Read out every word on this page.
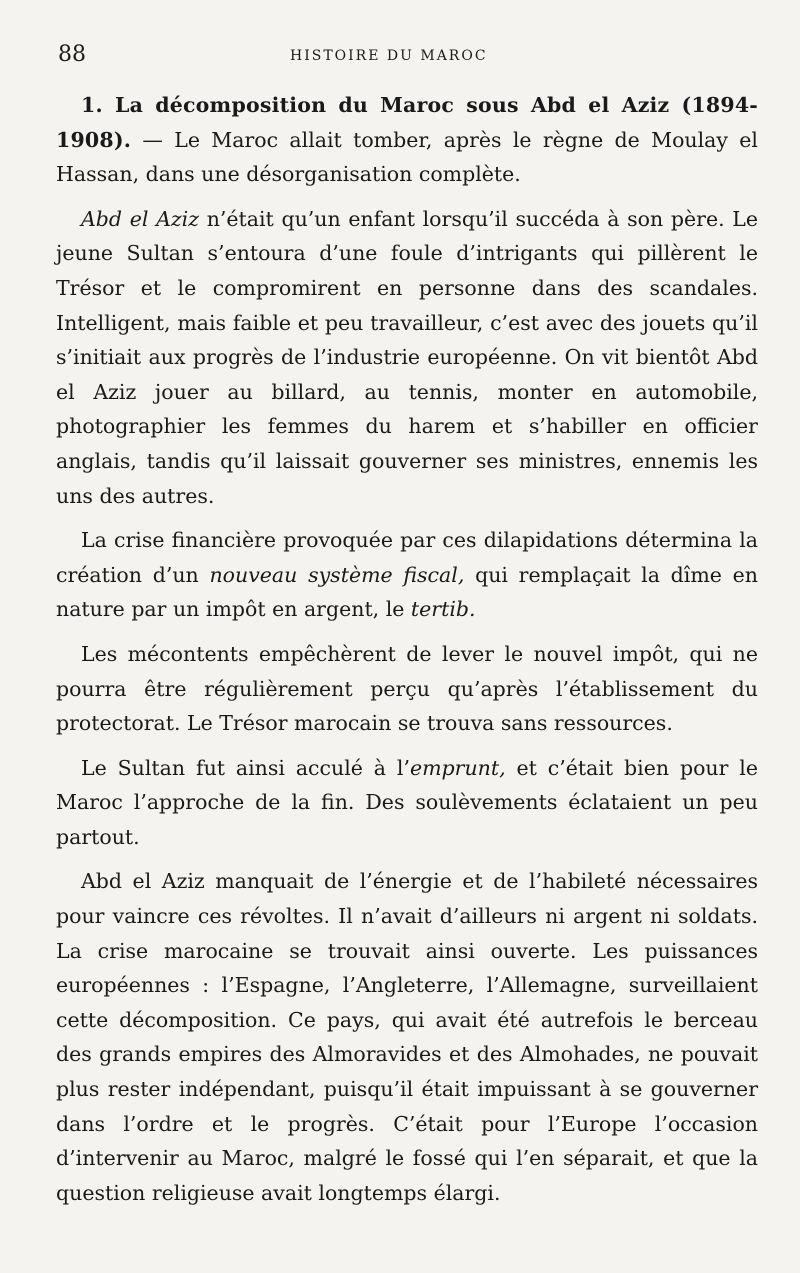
88	HISTOIRE DU MAROC

1. La décomposition du Maroc sous Abd el Aziz (1894-1908). — Le Maroc allait tomber, après le règne de Moulay el Hassan, dans une désorganisation complète.

Abd el Aziz n’était qu’un enfant lorsqu’il succéda à son père. Le jeune Sultan s’entoura d’une foule d’intrigants qui pillèrent le Trésor et le compromirent en personne dans des scandales. Intelligent, mais faible et peu travailleur, c’est avec des jouets qu’il s’initiait aux progrès de l’industrie européenne. On vit bientôt Abd el Aziz jouer au billard, au tennis, monter en automobile, photographier les femmes du harem et s’habiller en officier anglais, tandis qu’il laissait gouverner ses ministres, ennemis les uns des autres.

La crise financière provoquée par ces dilapidations détermina la création d’un nouveau système fiscal, qui remplaçait la dîme en nature par un impôt en argent, le tertib.

Les mécontents empêchèrent de lever le nouvel impôt, qui ne pourra être régulièrement perçu qu’après l’établissement du protectorat. Le Trésor marocain se trouva sans ressources.

Le Sultan fut ainsi acculé à l’emprunt, et c’était bien pour le Maroc l’approche de la fin. Des soulèvements éclataient un peu partout.

Abd el Aziz manquait de l’énergie et de l’habileté nécessaires pour vaincre ces révoltes. Il n’avait d’ailleurs ni argent ni soldats. La crise marocaine se trouvait ainsi ouverte. Les puissances européennes : l’Espagne, l’Angleterre, l’Allemagne, surveillaient cette décomposition. Ce pays, qui avait été autrefois le berceau des grands empires des Almoravides et des Almohades, ne pouvait plus rester indépendant, puisqu’il était impuissant à se gouverner dans l’ordre et le progrès. C’était pour l’Europe l’occasion d’intervenir au Maroc, malgré le fossé qui l’en séparait, et que la question religieuse avait longtemps élargi.
